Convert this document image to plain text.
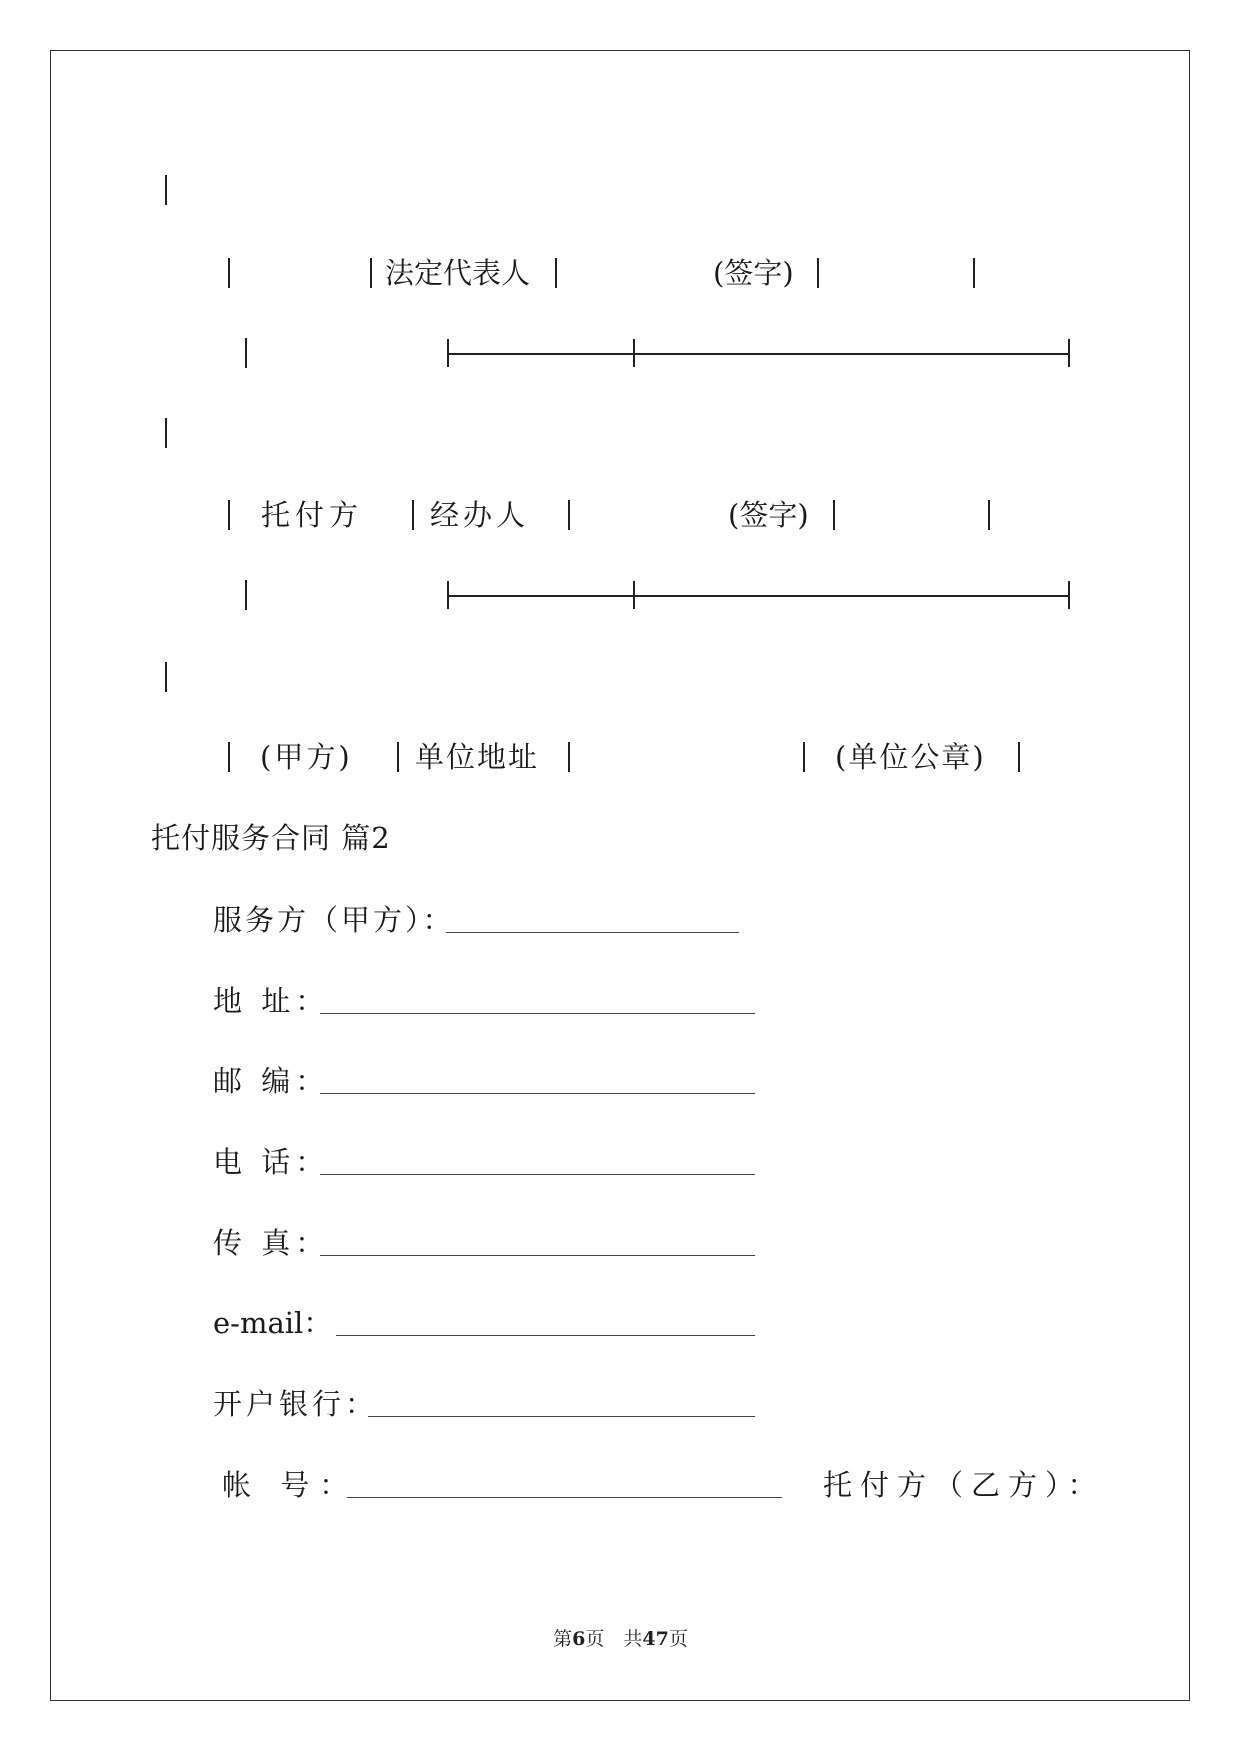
法定代表人	(签字)
托付方 经办人	(签字)
(甲方) 单位地址	(单位公章)
托付服务合同 篇2
服务方（甲方）：
地 址：
邮 编：
电 话：
传 真：
e-mail：
开户银行：
帐 号：	托付方（乙方）：
第6页　共47页
